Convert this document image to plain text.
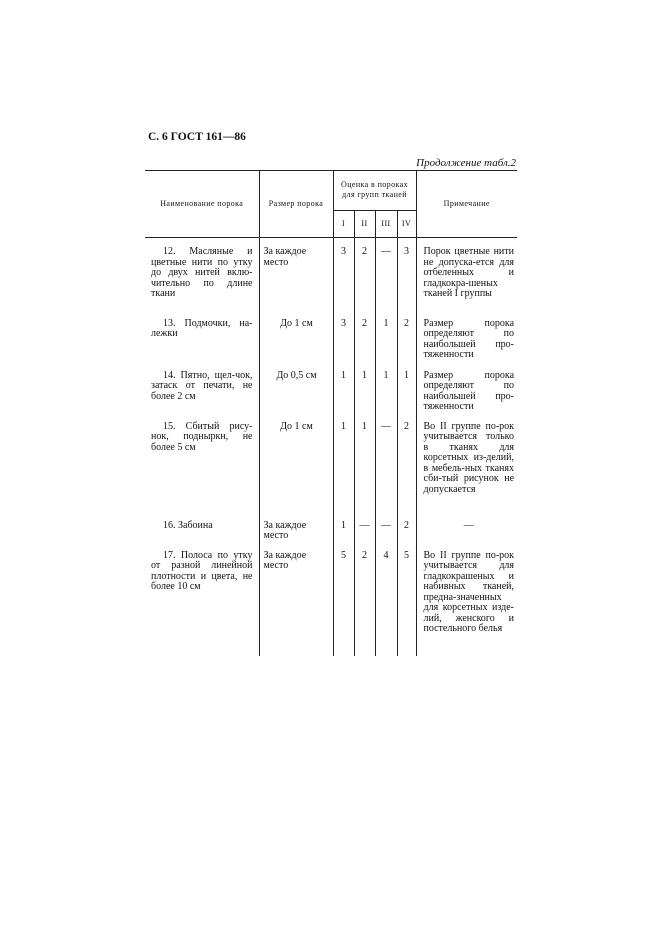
С. 6 ГОСТ 161—86
Продолжение табл.2
Наименование порока	Размер порока	Оценка в пороках для групп тканей				Примечание
		I	II	III	IV	

12. Масляные и цветные нити по утку до двух нитей вклю-чительно по длине ткани	За каждое место	3	2	—	3	Порок цветные нити не допуска-ется для отбеленных и гладкокра-шеных тканей I группы

13. Подмочки, на-лежки	До 1 см	3	2	1	2	Размер порока определяют по наибольшей про-тяженности

14. Пятно, щел-чок, затаск от печати, не более 2 см	До 0,5 см	1	1	1	1	Размер порока определяют по наибольшей про-тяженности

15. Сбитый рису-нок, подныркн, не более 5 см	До 1 см	1	1	—	2	Во II группе по-рок учитывается только в тканях для корсетных из-делий, в мебель-ных тканях сби-тый рисунок не допускается

16. Забоина	За каждое место	1	—	—	2	—

17. Полоса по утку от разной линейной плотности и цвета, не более 10 см	За каждое место	5	2	4	5	Во II группе по-рок учитывается для гладкокрашеных и набивных тканей, предна-значенных для корсетных изде-лий, женского и постельного белья
